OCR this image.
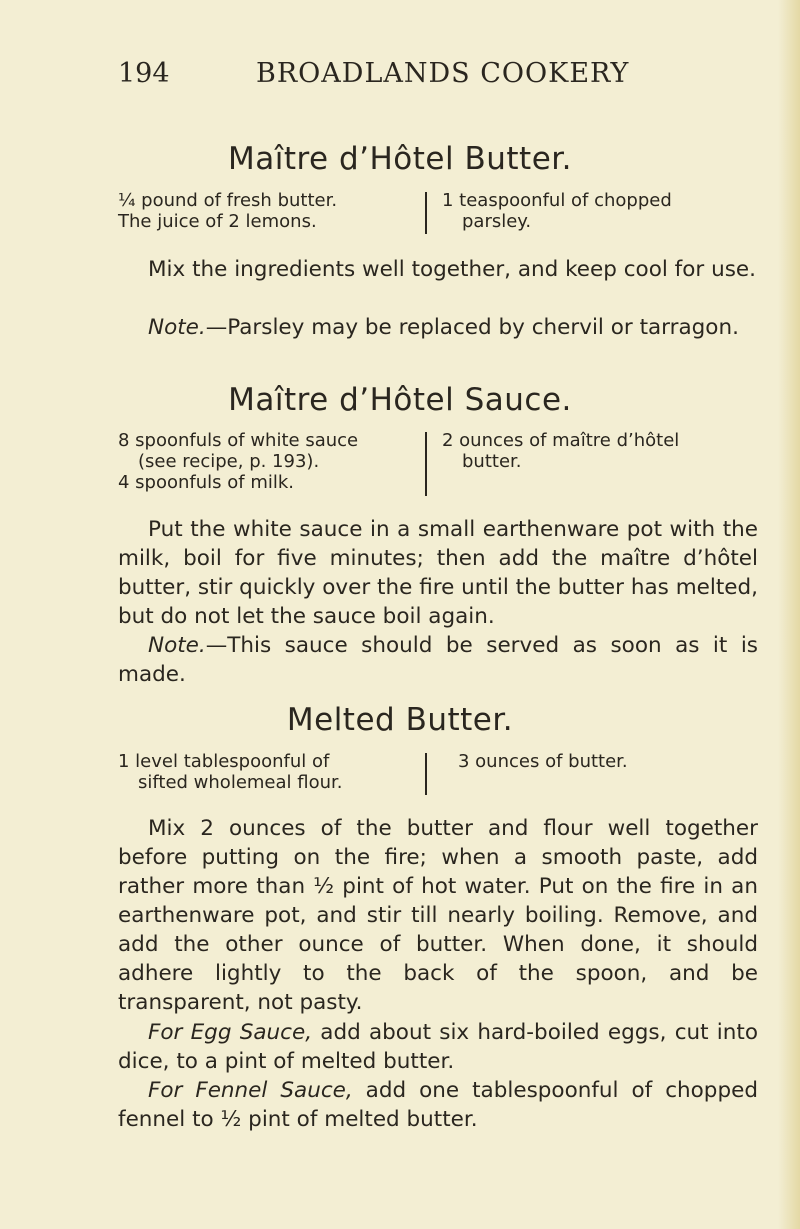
194	BROADLANDS COOKERY
Maître d’Hôtel Butter.
¼ pound of fresh butter.
The juice of 2 lemons.
1 teaspoonful of chopped
parsley.

Mix the ingredients well together, and keep cool for use.

Note.—Parsley may be replaced by chervil or tarragon.

Maître d’Hôtel Sauce.
8 spoonfuls of white sauce
(see recipe, p. 193).
4 spoonfuls of milk.
2 ounces of maître d’hôtel
butter.

Put the white sauce in a small earthenware pot with the milk, boil for five minutes; then add the maître d’hôtel butter, stir quickly over the fire until the butter has melted, but do not let the sauce boil again.

Note.—This sauce should be served as soon as it is made.

Melted Butter.
1 level tablespoonful of
sifted wholemeal flour.
3 ounces of butter.

Mix 2 ounces of the butter and flour well together before putting on the fire; when a smooth paste, add rather more than ½ pint of hot water. Put on the fire in an earthenware pot, and stir till nearly boiling. Remove, and add the other ounce of butter. When done, it should adhere lightly to the back of the spoon, and be transparent, not pasty.

For Egg Sauce, add about six hard-boiled eggs, cut into dice, to a pint of melted butter.

For Fennel Sauce, add one tablespoonful of chopped fennel to ½ pint of melted butter.
